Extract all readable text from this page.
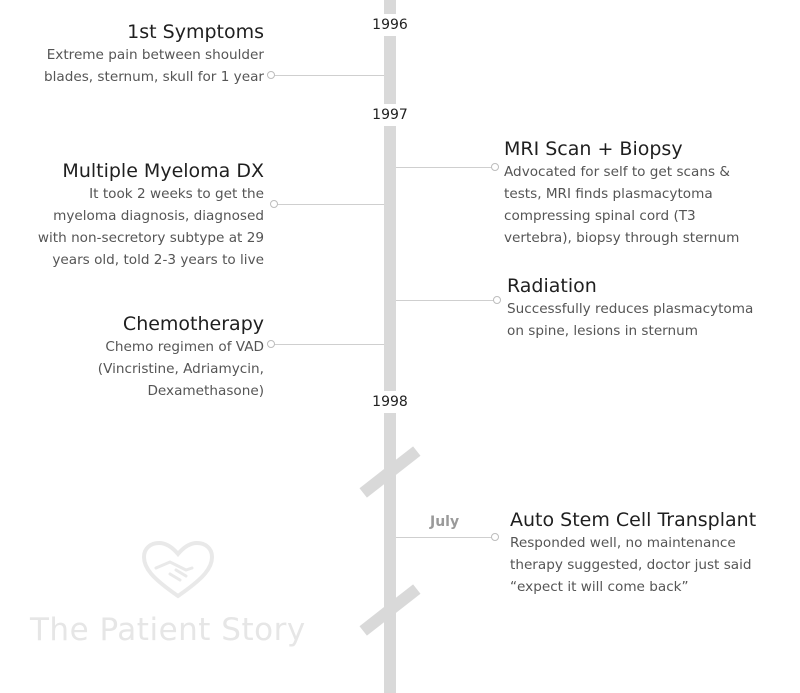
1996
1997
1998
1st Symptoms
Extreme pain between shoulder
blades, sternum, skull for 1 year
MRI Scan + Biopsy
Advocated for self to get scans &
tests, MRI finds plasmacytoma
compressing spinal cord (T3
vertebra), biopsy through sternum
Multiple Myeloma DX
It took 2 weeks to get the
myeloma diagnosis, diagnosed
with non-secretory subtype at 29
years old, told 2-3 years to live
Radiation
Successfully reduces plasmacytoma
on spine, lesions in sternum
Chemotherapy
Chemo regimen of VAD
(Vincristine, Adriamycin,
Dexamethasone)
July	Auto Stem Cell Transplant
Responded well, no maintenance
therapy suggested, doctor just said
“expect it will come back”
The Patient Story
